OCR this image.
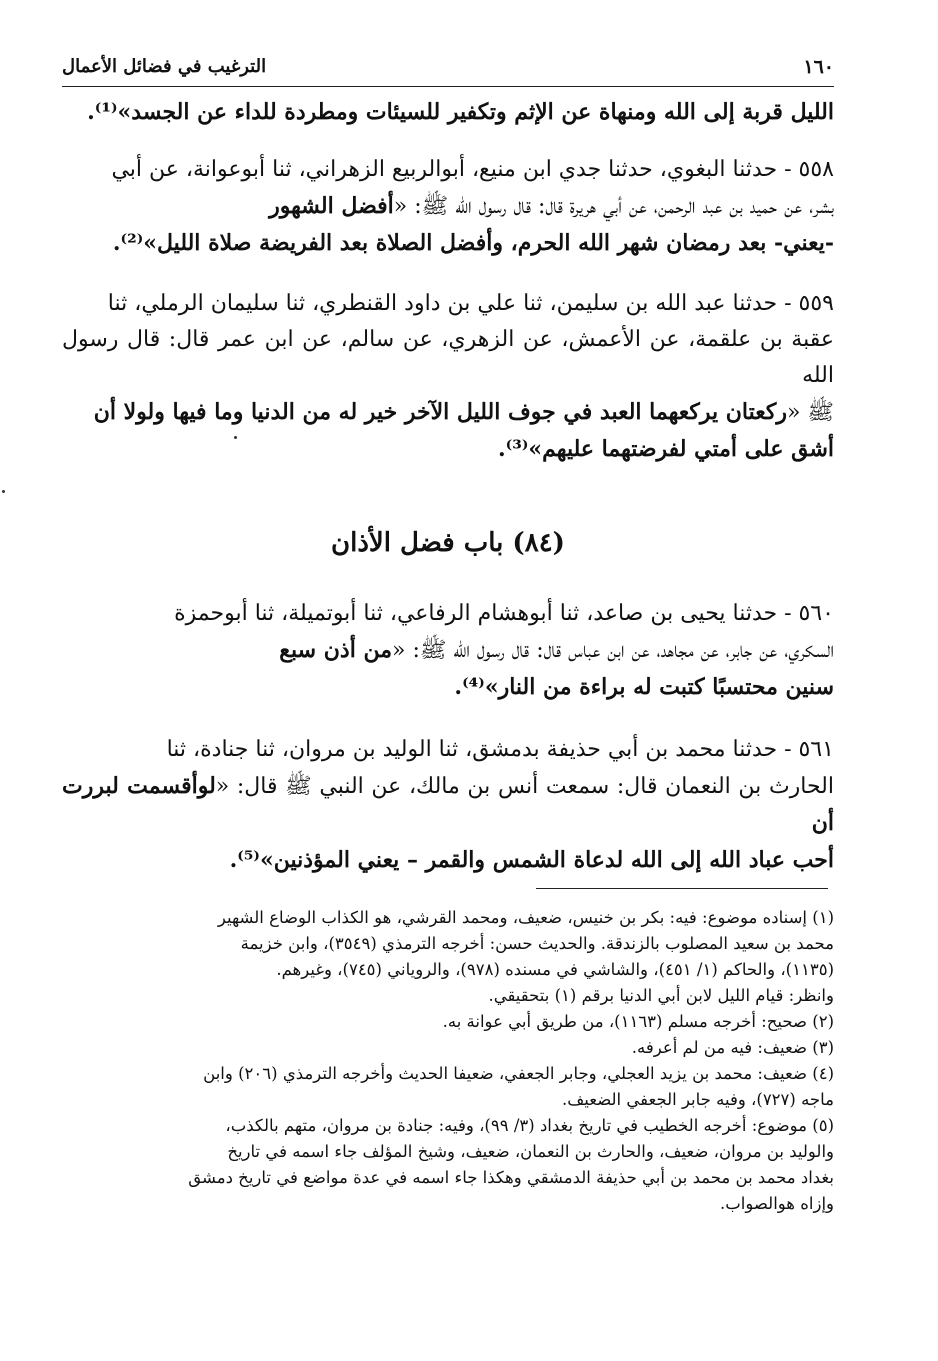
١٦٠
الترغيب في فضائل الأعمال
الليل قربة إلى الله ومنهاة عن الإثم وتكفير للسيئات ومطردة للداء عن الجسد»⁽¹⁾.
٥٥٨ - حدثنا البغوي، حدثنا جدي ابن منيع، أبوالربيع الزهراني، ثنا أبوعوانة، عن أبي
بشر، عن حميد بن عبد الرحمن، عن أبي هريرة قال: قال رسول الله ﷺ: «أفضل الشهور
-يعني- بعد رمضان شهر الله الحرم، وأفضل الصلاة بعد الفريضة صلاة الليل»⁽²⁾.
٥٥٩ - حدثنا عبد الله بن سليمن، ثنا علي بن داود القنطري، ثنا سليمان الرملي، ثنا
عقبة بن علقمة، عن الأعمش، عن الزهري، عن سالم، عن ابن عمر قال: قال رسول الله
ﷺ «ركعتان يركعهما العبد في جوف الليل الآخر خير له من الدنيا وما فيها ولولا أن
أشق على أمتي لفرضتهما عليهم»⁽³⁾.
(٨٤) باب فضل الأذان
٥٦٠ - حدثنا يحيى بن صاعد، ثنا أبوهشام الرفاعي، ثنا أبوتميلة، ثنا أبوحمزة
السكري، عن جابر، عن مجاهد، عن ابن عباس قال: قال رسول الله ﷺ: «من أذن سبع
سنين محتسبًا كتبت له براءة من النار»⁽⁴⁾.
٥٦١ - حدثنا محمد بن أبي حذيفة بدمشق، ثنا الوليد بن مروان، ثنا جنادة، ثنا
الحارث بن النعمان قال: سمعت أنس بن مالك، عن النبي ﷺ قال: «لوأقسمت لبررت أن
أحب عباد الله إلى الله لدعاة الشمس والقمر – يعني المؤذنين»⁽⁵⁾.
(١) إسناده موضوع: فيه: بكر بن خنيس، ضعيف، ومحمد القرشي، هو الكذاب الوضاع الشهير
محمد بن سعيد المصلوب بالزندقة. والحديث حسن: أخرجه الترمذي (٣٥٤٩)، وابن خزيمة
(١١٣٥)، والحاكم (١/ ٤٥١)، والشاشي في مسنده (٩٧٨)، والروياني (٧٤٥)، وغيرهم.
وانظر: قيام الليل لابن أبي الدنيا برقم (١) بتحقيقي.
(٢) صحيح: أخرجه مسلم (١١٦٣)، من طريق أبي عوانة به.
(٣) ضعيف: فيه من لم أعرفه.
(٤) ضعيف: محمد بن يزيد العجلي، وجابر الجعفي، ضعيفا الحديث وأخرجه الترمذي (٢٠٦) وابن
ماجه (٧٢٧)، وفيه جابر الجعفي الضعيف.
(٥) موضوع: أخرجه الخطيب في تاريخ بغداد (٣/ ٩٩)، وفيه: جنادة بن مروان، متهم بالكذب،
والوليد بن مروان، ضعيف، والحارث بن النعمان، ضعيف، وشيخ المؤلف جاء اسمه في تاريخ
بغداد محمد بن محمد بن أبي حذيفة الدمشقي وهكذا جاء اسمه في عدة مواضع في تاريخ دمشق
وإزاه هوالصواب.
